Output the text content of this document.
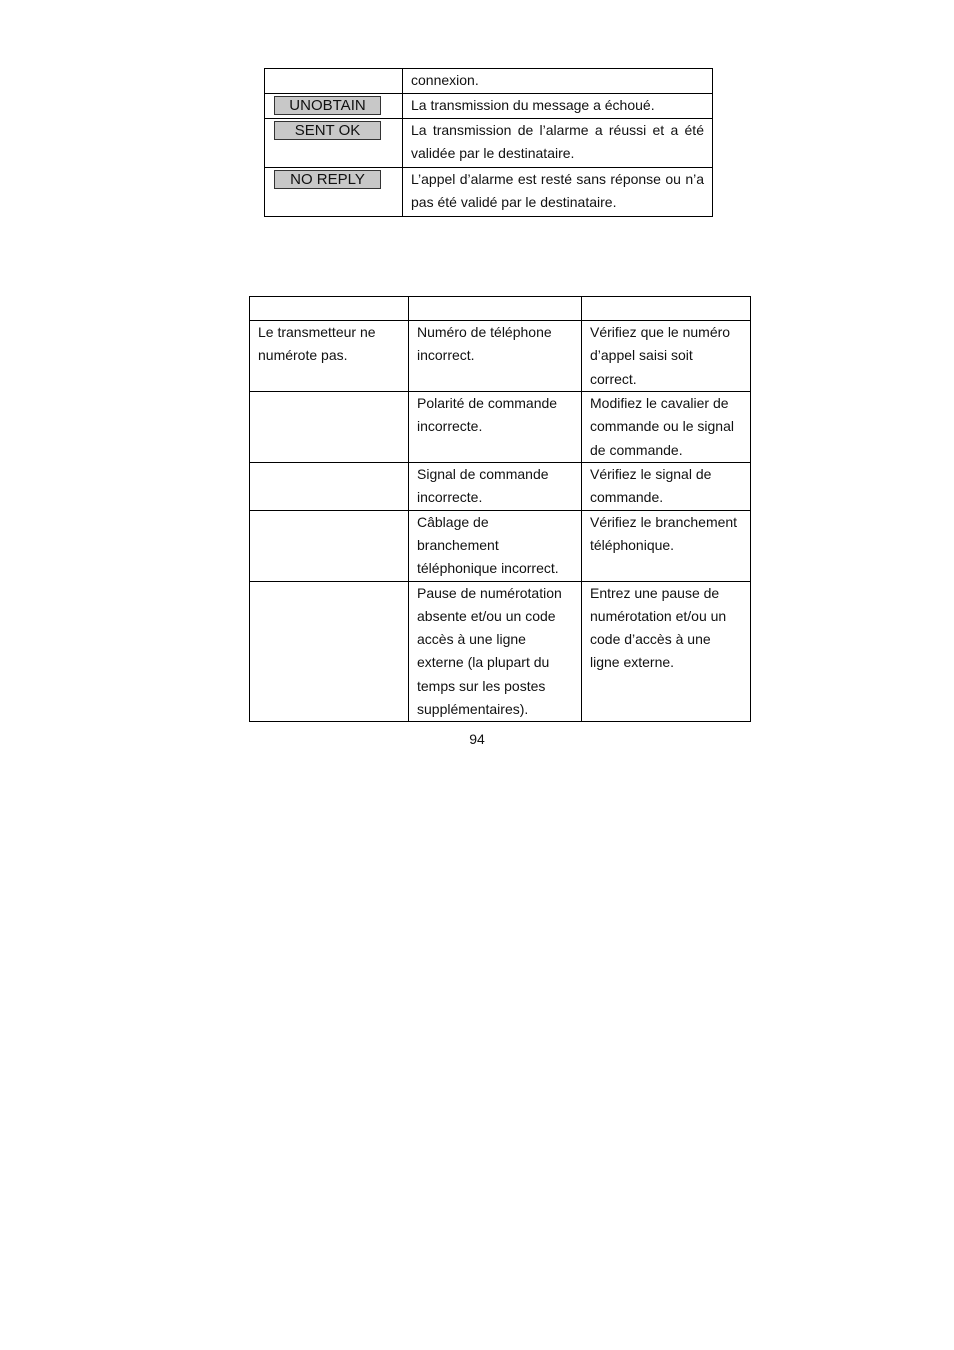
	connexion.

UNOBTAIN	La transmission du message a échoué.

SENT OK	La transmission de l’alarme a réussi et a été validée par le destinataire.

NO REPLY	L’appel d’alarme est resté sans réponse ou n’a pas été validé par le destinataire.

Le transmetteur ne numérote pas.	Numéro de téléphone incorrect.	Vérifiez que le numéro d’appel saisi soit correct.
	Polarité de commande incorrecte.	Modifiez le cavalier de commande ou le signal de commande.
	Signal de commande incorrecte.	Vérifiez le signal de commande.
	Câblage de branchement téléphonique incorrect.	Vérifiez le branchement téléphonique.
	Pause de numérotation absente et/ou un code accès à une ligne externe (la plupart du temps sur les postes supplémentaires).	Entrez une pause de numérotation et/ou un code d’accès à une ligne externe.
94
